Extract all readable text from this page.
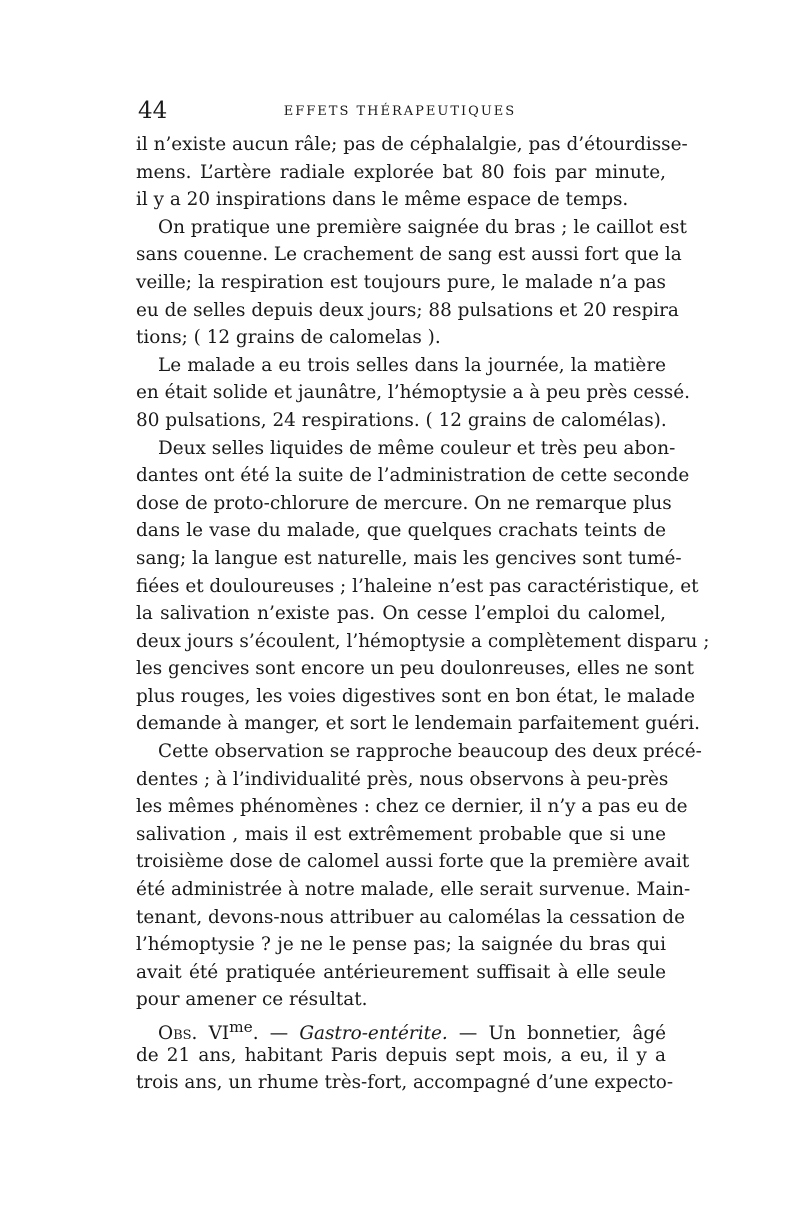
44	EFFETS THÉRAPEUTIQUES
il n’existe aucun râle; pas de céphalalgie, pas d’étourdisse-
mens. L’artère radiale explorée bat 80 fois par minute,
il y a 20 inspirations dans le même espace de temps.
On pratique une première saignée du bras ; le caillot est
sans couenne. Le crachement de sang est aussi fort que la
veille; la respiration est toujours pure, le malade n’a pas
eu de selles depuis deux jours; 88 pulsations et 20 respira
tions; ( 12 grains de calomelas ).
Le malade a eu trois selles dans la journée, la matière
en était solide et jaunâtre, l’hémoptysie a à peu près cessé.
80 pulsations, 24 respirations. ( 12 grains de calomélas).
Deux selles liquides de même couleur et très peu abon-
dantes ont été la suite de l’administration de cette seconde
dose de proto-chlorure de mercure. On ne remarque plus
dans le vase du malade, que quelques crachats teints de
sang; la langue est naturelle, mais les gencives sont tumé-
fiées et douloureuses ; l’haleine n’est pas caractéristique, et
la salivation n’existe pas. On cesse l’emploi du calomel,
deux jours s’écoulent, l’hémoptysie a complètement disparu ;
les gencives sont encore un peu doulonreuses, elles ne sont
plus rouges, les voies digestives sont en bon état, le malade
demande à manger, et sort le lendemain parfaitement guéri.
Cette observation se rapproche beaucoup des deux précé-
dentes ; à l’individualité près, nous observons à peu-près
les mêmes phénomènes : chez ce dernier, il n’y a pas eu de
salivation , mais il est extrêmement probable que si une
troisième dose de calomel aussi forte que la première avait
été administrée à notre malade, elle serait survenue. Main-
tenant, devons-nous attribuer au calomélas la cessation de
l’hémoptysie ? je ne le pense pas; la saignée du bras qui
avait été pratiquée antérieurement suffisait à elle seule
pour amener ce résultat.
Obs. $VI^{me}$. — Gastro-entérite. — Un bonnetier, âgé
de 21 ans, habitant Paris depuis sept mois, a eu, il y a
trois ans, un rhume très-fort, accompagné d’une expecto-
